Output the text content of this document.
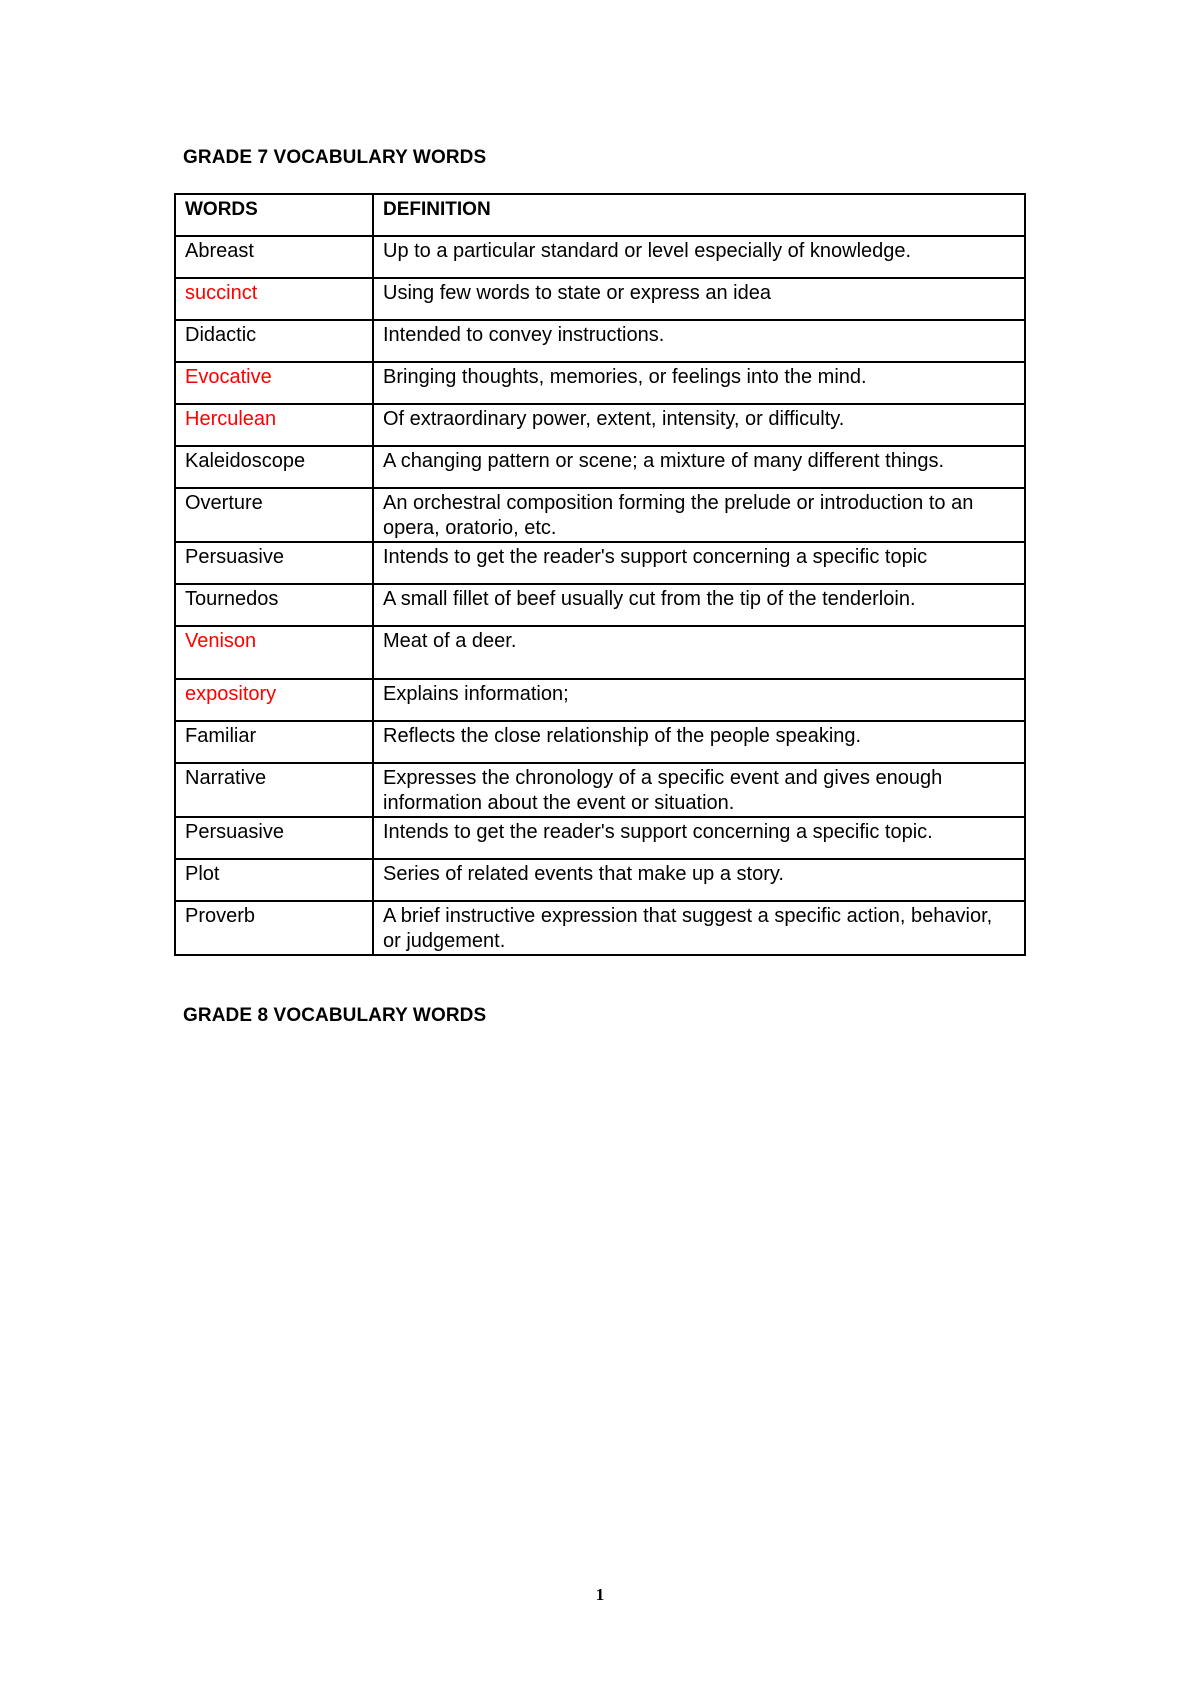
GRADE 7 VOCABULARY WORDS
WORDS	DEFINITION
Abreast	Up to a particular standard or level especially of knowledge.
succinct	Using few words to state or express an idea
Didactic	Intended to convey instructions.
Evocative	Bringing thoughts, memories, or feelings into the mind.
Herculean	Of extraordinary power, extent, intensity, or difficulty.
Kaleidoscope	A changing pattern or scene; a mixture of many different things.
Overture	An orchestral composition forming the prelude or introduction to an opera, oratorio, etc.
Persuasive	Intends to get the reader's support concerning a specific topic
Tournedos	A small fillet of beef usually cut from the tip of the tenderloin.
Venison	Meat of a deer.
expository	Explains information;
Familiar	Reflects the close relationship of the people speaking.
Narrative	Expresses the chronology of a specific event and gives enough information about the event or situation.
Persuasive	Intends to get the reader's support concerning a specific topic.
Plot	Series of related events that make up a story.
Proverb	A brief instructive expression that suggest a specific action, behavior, or judgement.
GRADE 8 VOCABULARY WORDS
1
